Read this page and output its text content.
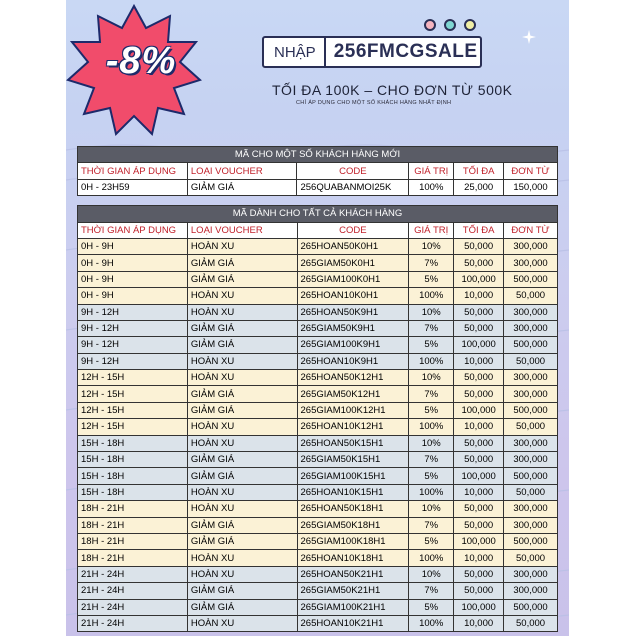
-8%	NHẬP 256FMCGSALE
TỐI ĐA 100K – CHO ĐƠN TỪ 500K
CHỈ ÁP DỤNG CHO MỘT SỐ KHÁCH HÀNG NHẤT ĐỊNH
MÃ CHO MỘT SỐ KHÁCH HÀNG MỚI					
THỜI GIAN ÁP DỤNG	LOẠI VOUCHER	CODE	GIÁ TRỊ	TỐI ĐA	ĐƠN TỪ
0H - 23H59	GIẢM GIÁ	256QUABANMOI25K	100%	25,000	150,000
MÃ DÀNH CHO TẤT CẢ KHÁCH HÀNG					
THỜI GIAN ÁP DỤNG	LOẠI VOUCHER	CODE	GIÁ TRỊ	TỐI ĐA	ĐƠN TỪ
0H - 9H	HOÀN XU	265HOAN50K0H1	10%	50,000	300,000
0H - 9H	GIẢM GIÁ	265GIAM50K0H1	7%	50,000	300,000
0H - 9H	GIẢM GIÁ	265GIAM100K0H1	5%	100,000	500,000
0H - 9H	HOÀN XU	265HOAN10K0H1	100%	10,000	50,000
9H - 12H	HOÀN XU	265HOAN50K9H1	10%	50,000	300,000
9H - 12H	GIẢM GIÁ	265GIAM50K9H1	7%	50,000	300,000
9H - 12H	GIẢM GIÁ	265GIAM100K9H1	5%	100,000	500,000
9H - 12H	HOÀN XU	265HOAN10K9H1	100%	10,000	50,000
12H - 15H	HOÀN XU	265HOAN50K12H1	10%	50,000	300,000
12H - 15H	GIẢM GIÁ	265GIAM50K12H1	7%	50,000	300,000
12H - 15H	GIẢM GIÁ	265GIAM100K12H1	5%	100,000	500,000
12H - 15H	HOÀN XU	265HOAN10K12H1	100%	10,000	50,000
15H - 18H	HOÀN XU	265HOAN50K15H1	10%	50,000	300,000
15H - 18H	GIẢM GIÁ	265GIAM50K15H1	7%	50,000	300,000
15H - 18H	GIẢM GIÁ	265GIAM100K15H1	5%	100,000	500,000
15H - 18H	HOÀN XU	265HOAN10K15H1	100%	10,000	50,000
18H - 21H	HOÀN XU	265HOAN50K18H1	10%	50,000	300,000
18H - 21H	GIẢM GIÁ	265GIAM50K18H1	7%	50,000	300,000
18H - 21H	GIẢM GIÁ	265GIAM100K18H1	5%	100,000	500,000
18H - 21H	HOÀN XU	265HOAN10K18H1	100%	10,000	50,000
21H - 24H	HOÀN XU	265HOAN50K21H1	10%	50,000	300,000
21H - 24H	GIẢM GIÁ	265GIAM50K21H1	7%	50,000	300,000
21H - 24H	GIẢM GIÁ	265GIAM100K21H1	5%	100,000	500,000
21H - 24H	HOÀN XU	265HOAN10K21H1	100%	10,000	50,000
